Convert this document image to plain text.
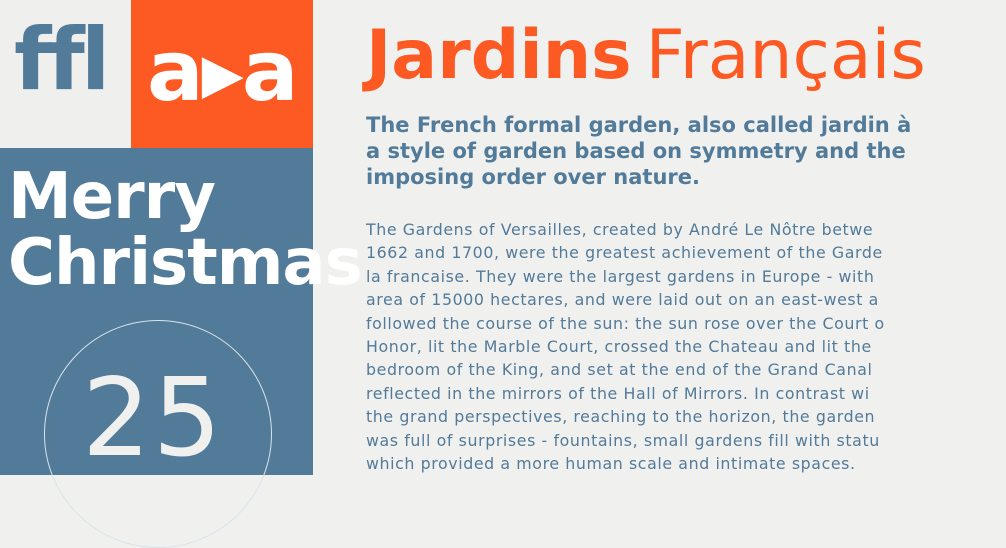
ffl a▸a
Merry
Christmas
25
Jardins Français
The French formal garden, also called jardin à
a style of garden based on symmetry and the
imposing order over nature.
The Gardens of Versailles, created by André Le Nôtre betwe
1662 and 1700, were the greatest achievement of the Garde
la francaise. They were the largest gardens in Europe - with
area of 15000 hectares, and were laid out on an east-west a
followed the course of the sun: the sun rose over the Court o
Honor, lit the Marble Court, crossed the Chateau and lit the
bedroom of the King, and set at the end of the Grand Canal
reflected in the mirrors of the Hall of Mirrors. In contrast wi
the grand perspectives, reaching to the horizon, the garden
was full of surprises - fountains, small gardens fill with statu
which provided a more human scale and intimate spaces.
